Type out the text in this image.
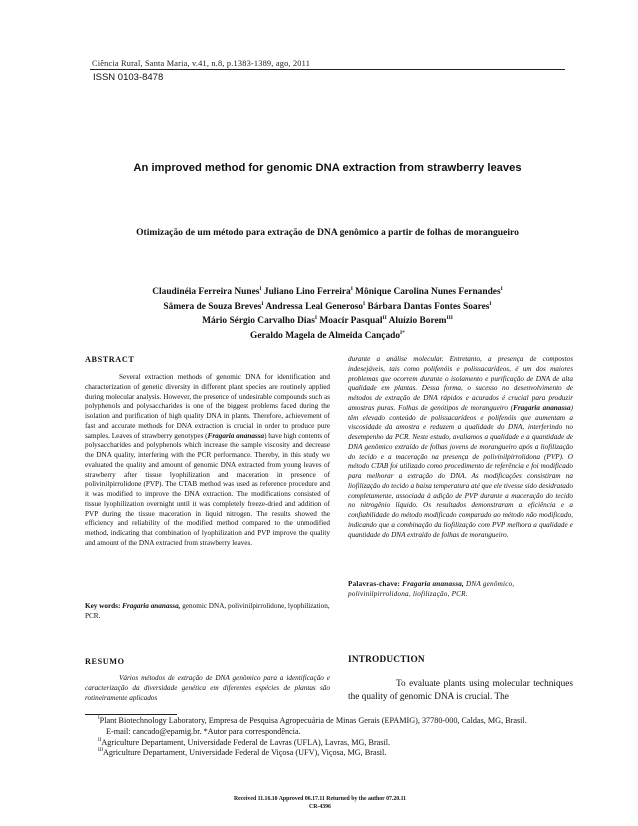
Ciência Rural, Santa Maria, v.41, n.8, p.1383-1389, ago, 2011
ISSN 0103-8478
An improved method for genomic DNA extraction from strawberry leaves
Otimização de um método para extração de DNA genômico a partir de folhas de morangueiro
Claudinéia Ferreira Nunes$^I$ Juliano Lino Ferreira$^I$ Mônique Carolina Nunes Fernandes$^I$
Sâmera de Souza Breves$^I$ Andressa Leal Generoso$^I$ Bárbara Dantas Fontes Soares$^I$
Mário Sérgio Carvalho Dias$^I$ Moacir Pasqual$^{II}$ Aluízio Borem$^{III}$
Geraldo Magela de Almeida Cançado$^{I*}$
ABSTRACT
Several extraction methods of genomic DNA for identification and characterization of genetic diversity in different plant species are routinely applied during molecular analysis. However, the presence of undesirable compounds such as polyphenols and polysaccharides is one of the biggest problems faced during the isolation and purification of high quality DNA in plants. Therefore, achievement of fast and accurate methods for DNA extraction is crucial in order to produce pure samples. Leaves of strawberry genotypes (Fragaria ananassa) have high contents of polysaccharides and polyphenols which increase the sample viscosity and decrease the DNA quality, interfering with the PCR performance. Thereby, in this study we evaluated the quality and amount of genomic DNA extracted from young leaves of strawberry after tissue lyophilization and maceration in presence of polivinilpirrolidone (PVP). The CTAB method was used as reference procedure and it was modified to improve the DNA extraction. The modifications consisted of tissue lyophilization overnight until it was completely freeze-dried and addition of PVP during the tissue maceration in liquid nitrogen. The results showed the efficiency and reliability of the modified method compared to the unmodified method, indicating that combination of lyophilization and PVP improve the quality and amount of the DNA extracted from strawberry leaves.
Key words: Fragaria ananassa, genomic DNA, polivinilpirrolidone, lyophilization, PCR.
RESUMO
Vários métodos de extração de DNA genômico para a identificação e caracterização da diversidade genética em diferentes espécies de plantas são rotineiramente aplicados
durante a análise molecular. Entretanto, a presença de compostos indesejáveis, tais como polifenóis e polissacarídeos, é um dos maiores problemas que ocorrem durante o isolamento e purificação de DNA de alta qualidade em plantas. Dessa forma, o sucesso no desenvolvimento de métodos de extração de DNA rápidos e acurados é crucial para produzir amostras puras. Folhas de genótipos de morangueiro (Fragaria ananassa) têm elevado conteúdo de polissacarídeos e polifenóis que aumentam a viscosidade da amostra e reduzem a qualidade do DNA, interferindo no desempenho da PCR. Neste estudo, avaliamos a qualidade e a quantidade de DNA genômico extraído de folhas jovens de morangueiro após a liofilização do tecido e a maceração na presença de polivinilpirrolidona (PVP). O método CTAB foi utilizado como procedimento de referência e foi modificado para melhorar a extração do DNA. As modificações consistiram na liofilização do tecido a baixa temperatura até que ele tivesse sido desidratado completamente, associada à adição de PVP durante a maceração do tecido no nitrogênio líquido. Os resultados demonstraram a eficiência e a confiabilidade do método modificado comparado ao método não modificado, indicando que a combinação da liofilização com PVP melhora a qualidade e quantidade do DNA extraído de folhas de morangueiro.
Palavras-chave: Fragaria ananassa, DNA genômico, polivinilpirrolidona, liofilização, PCR.
INTRODUCTION
To evaluate plants using molecular techniques the quality of genomic DNA is crucial. The
$^I$Plant Biotechnology Laboratory, Empresa de Pesquisa Agropecuária de Minas Gerais (EPAMIG), 37780-000, Caldas, MG, Brasil.
E-mail: cancado@epamig.br. *Autor para correspondência.
$^{II}$Agriculture Departament, Universidade Federal de Lavras (UFLA), Lavras, MG, Brasil.
$^{III}$Agriculture Departament, Universidade Federal de Viçosa (UFV), Viçosa, MG, Brasil.
Received 11.16.10 Approved 06.17.11 Returned by the author 07.20.11
CR-4396
